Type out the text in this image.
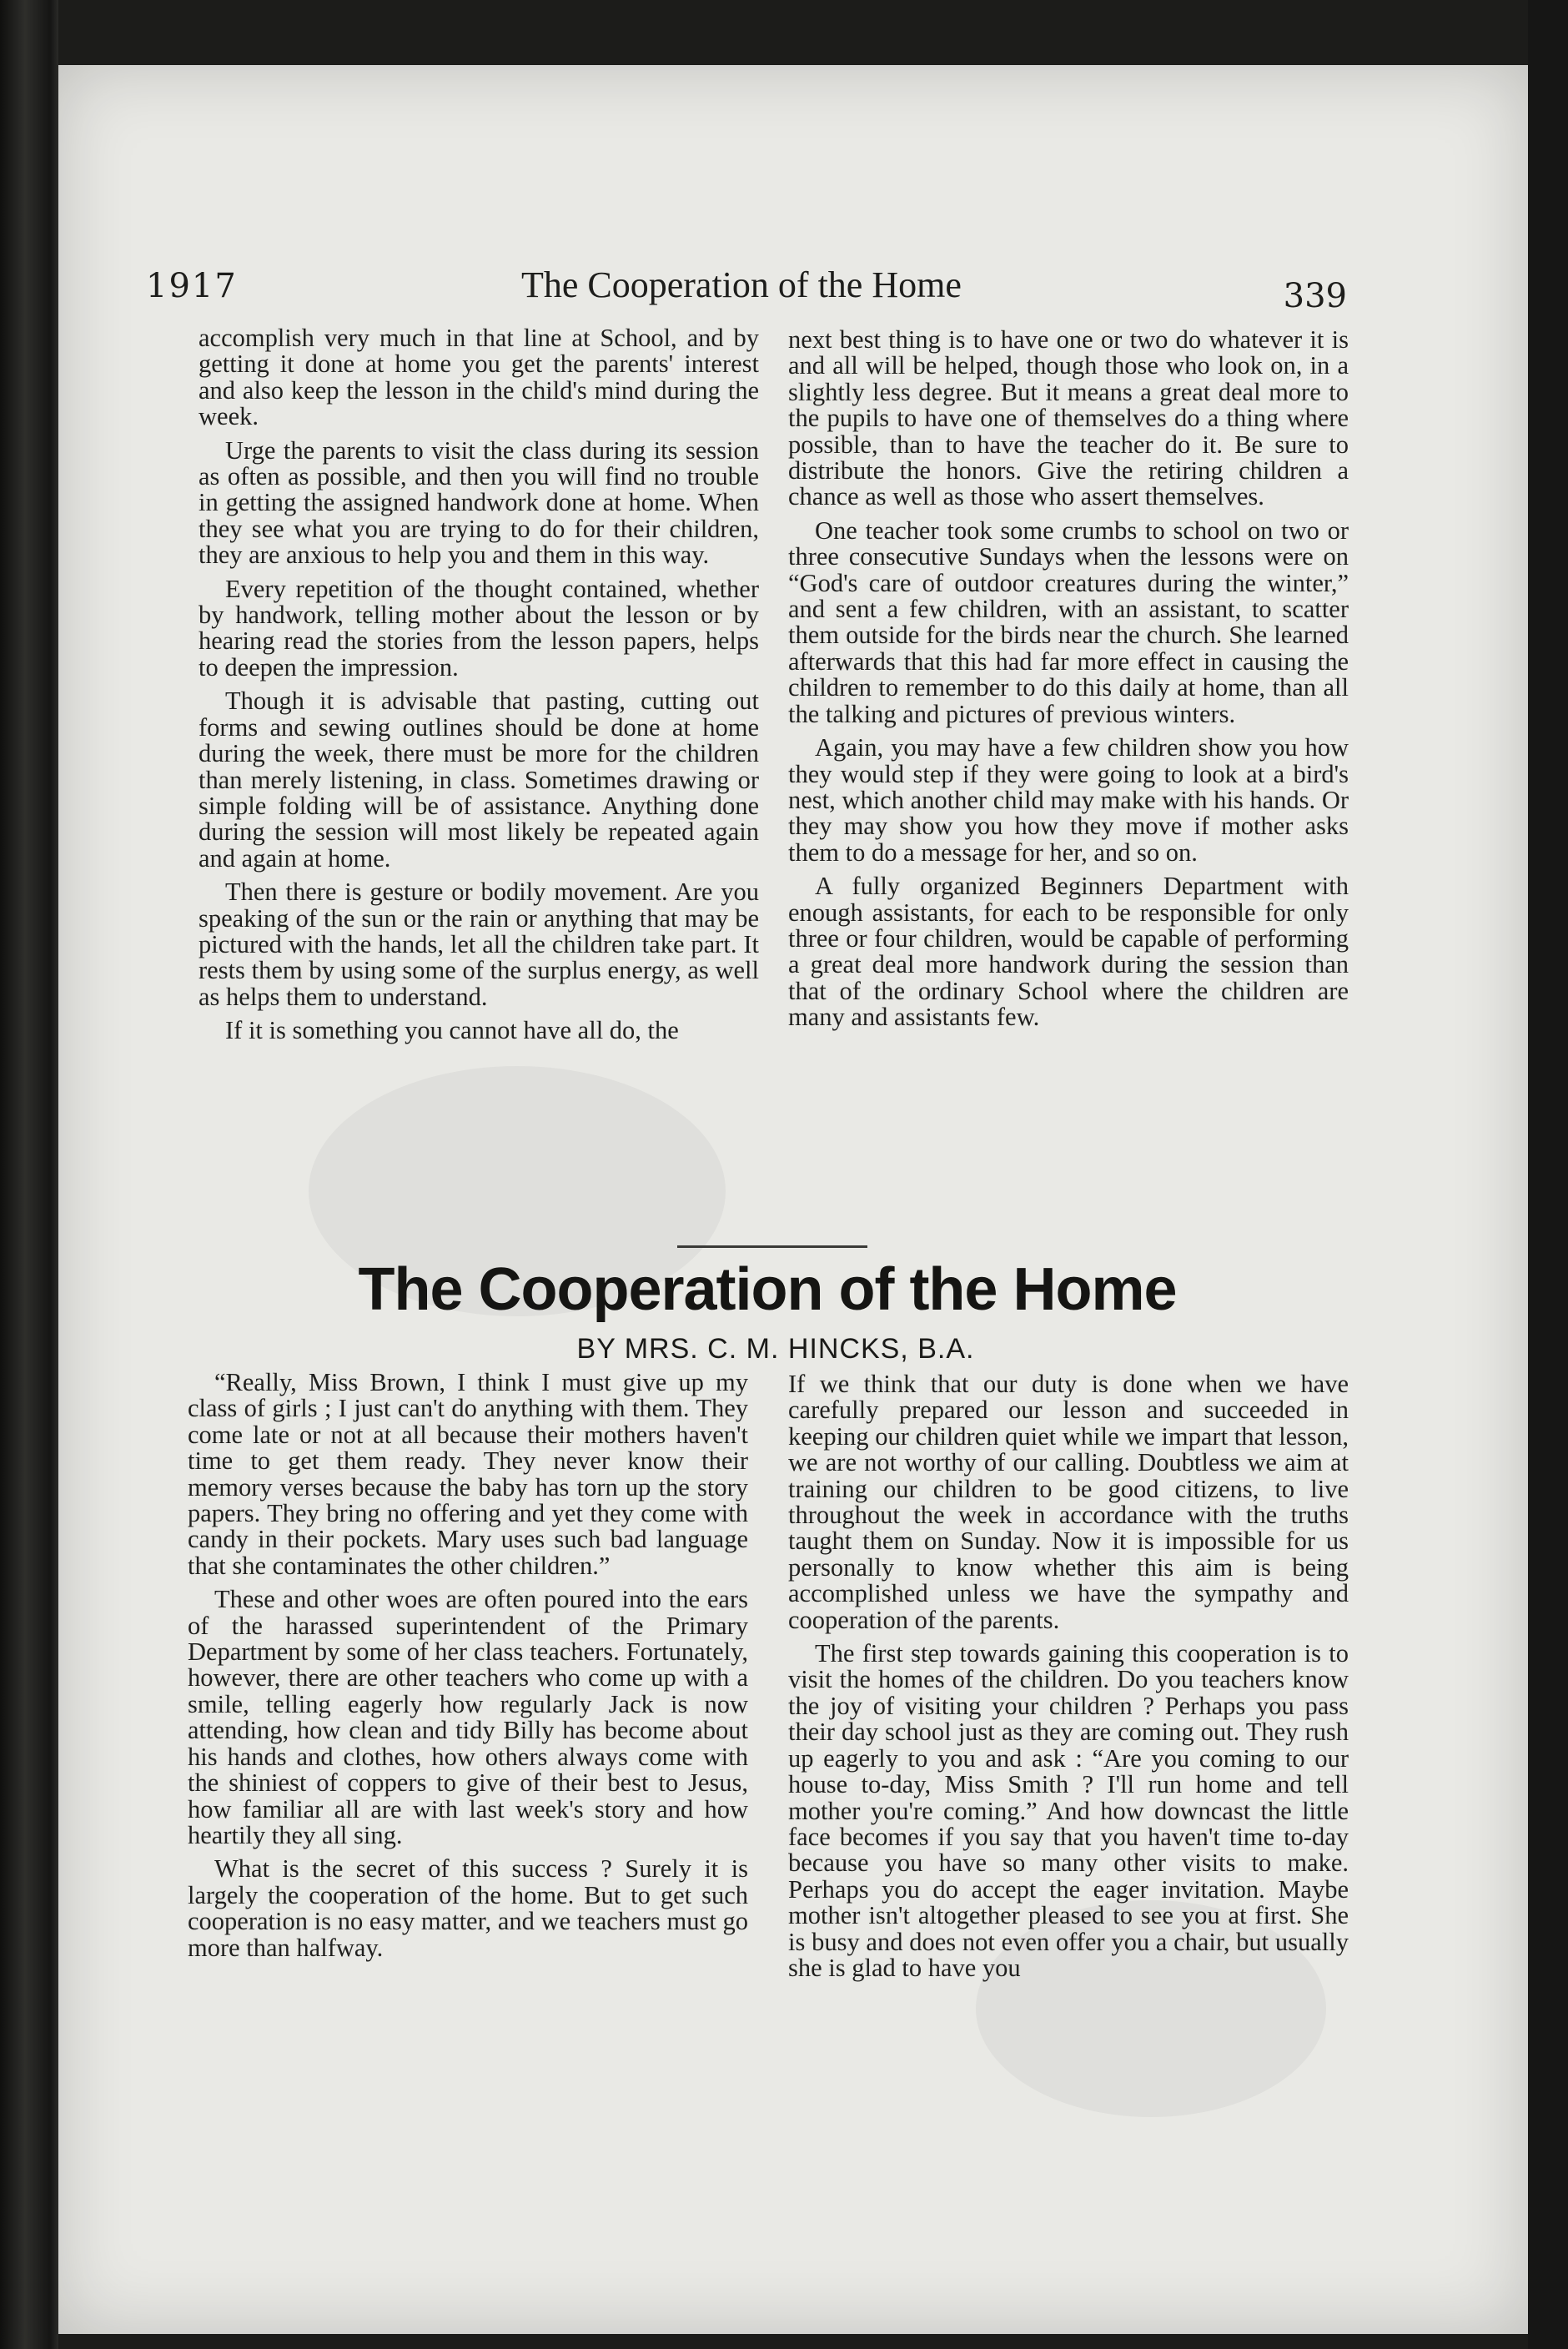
1917	The Cooperation of the Home	339

accomplish very much in that line at School, and by getting it done at home you get the parents' interest and also keep the lesson in the child's mind during the week.

Urge the parents to visit the class during its session as often as possible, and then you will find no trouble in getting the assigned handwork done at home. When they see what you are trying to do for their children, they are anxious to help you and them in this way.

Every repetition of the thought contained, whether by handwork, telling mother about the lesson or by hearing read the stories from the lesson papers, helps to deepen the impression.

Though it is advisable that pasting, cutting out forms and sewing outlines should be done at home during the week, there must be more for the children than merely listening, in class. Sometimes drawing or simple folding will be of assistance. Anything done during the session will most likely be repeated again and again at home.

Then there is gesture or bodily movement. Are you speaking of the sun or the rain or anything that may be pictured with the hands, let all the children take part. It rests them by using some of the surplus energy, as well as helps them to understand.

If it is something you cannot have all do, the

next best thing is to have one or two do whatever it is and all will be helped, though those who look on, in a slightly less degree. But it means a great deal more to the pupils to have one of themselves do a thing where possible, than to have the teacher do it. Be sure to distribute the honors. Give the retiring children a chance as well as those who assert themselves.

One teacher took some crumbs to school on two or three consecutive Sundays when the lessons were on “God's care of outdoor creatures during the winter,” and sent a few children, with an assistant, to scatter them outside for the birds near the church. She learned afterwards that this had far more effect in causing the children to remember to do this daily at home, than all the talking and pictures of previous winters.

Again, you may have a few children show you how they would step if they were going to look at a bird's nest, which another child may make with his hands. Or they may show you how they move if mother asks them to do a message for her, and so on.

A fully organized Beginners Department with enough assistants, for each to be responsible for only three or four children, would be capable of performing a great deal more handwork during the session than that of the ordinary School where the children are many and assistants few.

The Cooperation of the Home
BY MRS. C. M. HINCKS, B.A.

“Really, Miss Brown, I think I must give up my class of girls ; I just can't do anything with them. They come late or not at all because their mothers haven't time to get them ready. They never know their memory verses because the baby has torn up the story papers. They bring no offering and yet they come with candy in their pockets. Mary uses such bad language that she contaminates the other children.”

These and other woes are often poured into the ears of the harassed superintendent of the Primary Department by some of her class teachers. Fortunately, however, there are other teachers who come up with a smile, telling eagerly how regularly Jack is now attending, how clean and tidy Billy has become about his hands and clothes, how others always come with the shiniest of coppers to give of their best to Jesus, how familiar all are with last week's story and how heartily they all sing.

What is the secret of this success ? Surely it is largely the cooperation of the home. But to get such cooperation is no easy matter, and we teachers must go more than halfway.

If we think that our duty is done when we have carefully prepared our lesson and succeeded in keeping our children quiet while we impart that lesson, we are not worthy of our calling. Doubtless we aim at training our children to be good citizens, to live throughout the week in accordance with the truths taught them on Sunday. Now it is impossible for us personally to know whether this aim is being accomplished unless we have the sympathy and cooperation of the parents.

The first step towards gaining this cooperation is to visit the homes of the children. Do you teachers know the joy of visiting your children ? Perhaps you pass their day school just as they are coming out. They rush up eagerly to you and ask : “Are you coming to our house to-day, Miss Smith ? I'll run home and tell mother you're coming.” And how downcast the little face becomes if you say that you haven't time to-day because you have so many other visits to make. Perhaps you do accept the eager invitation. Maybe mother isn't altogether pleased to see you at first. She is busy and does not even offer you a chair, but usually she is glad to have you
